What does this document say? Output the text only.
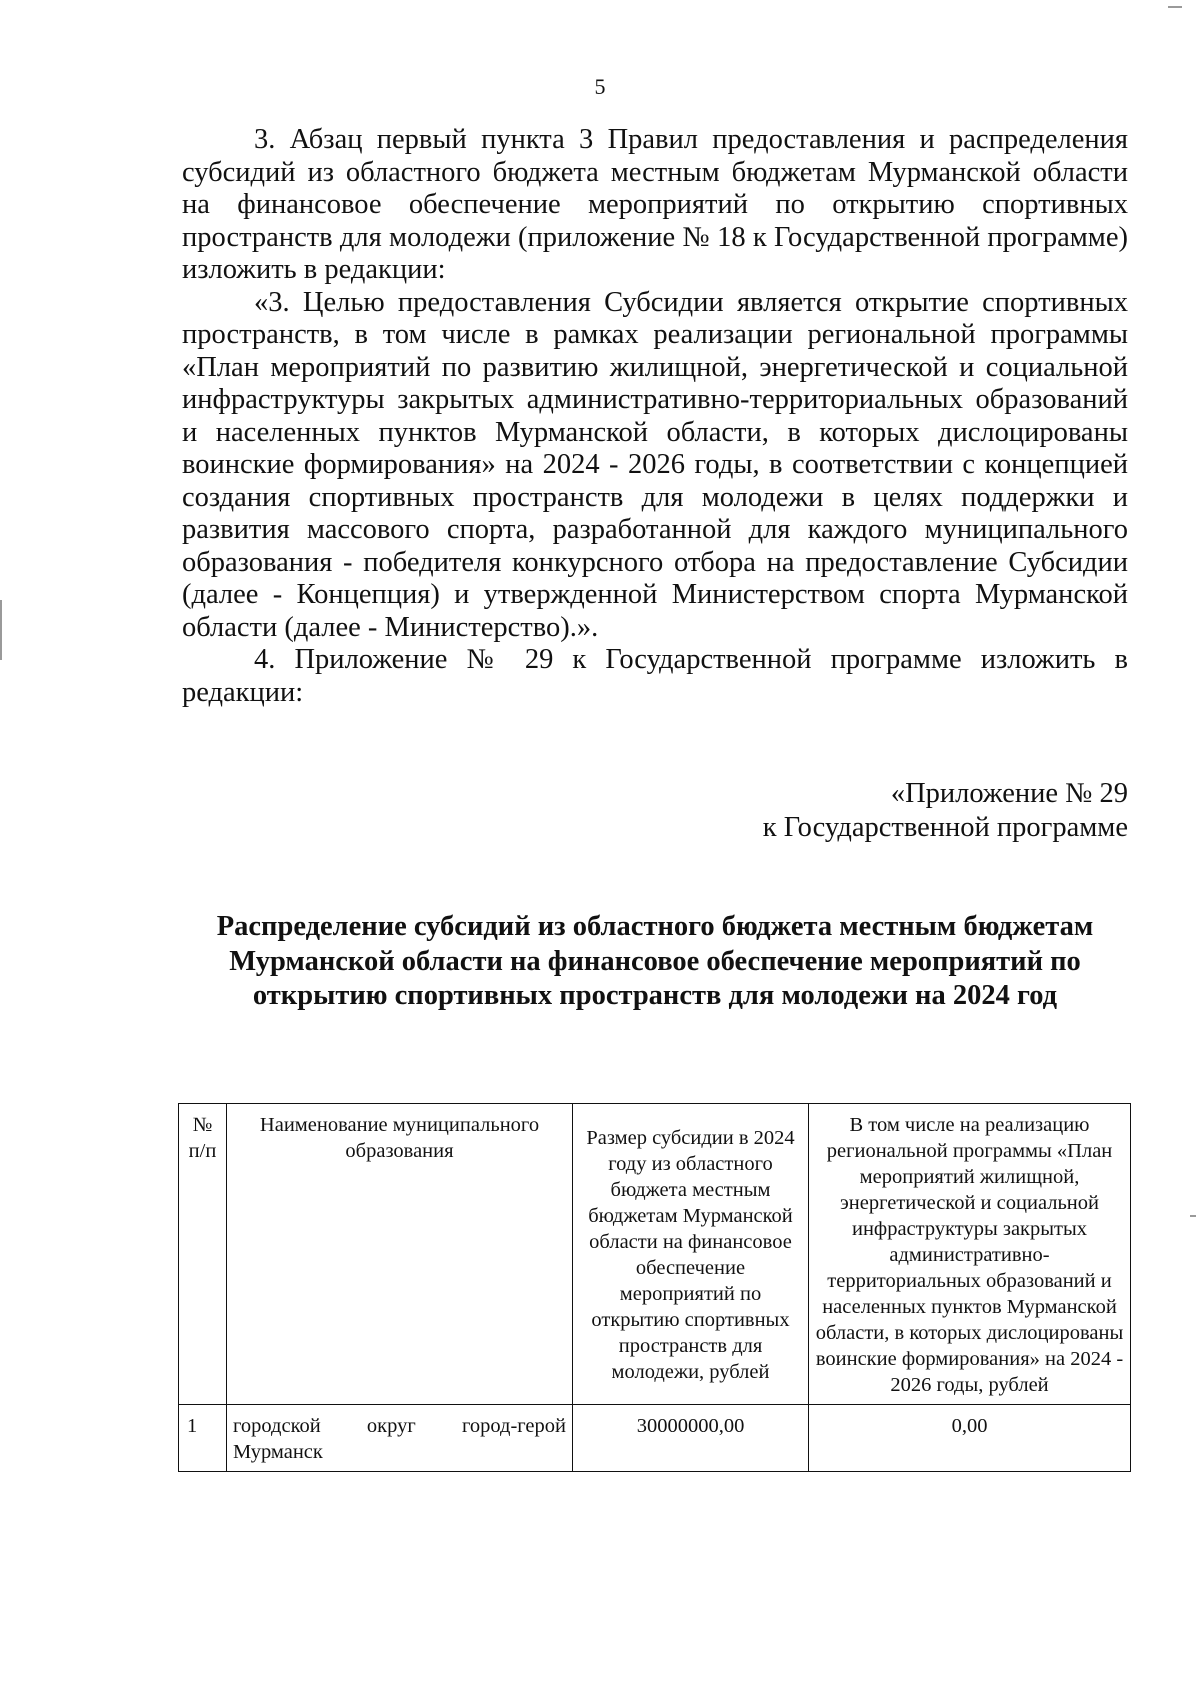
5

3. Абзац первый пункта 3 Правил предоставления и распределения субсидий из областного бюджета местным бюджетам Мурманской области на финансовое обеспечение мероприятий по открытию спортивных пространств для молодежи (приложение № 18 к Государственной программе) изложить в редакции:

«3. Целью предоставления Субсидии является открытие спортивных пространств, в том числе в рамках реализации региональной программы «План мероприятий по развитию жилищной, энергетической и социальной инфраструктуры закрытых административно-территориальных образований и населенных пунктов Мурманской области, в которых дислоцированы воинские формирования» на 2024 - 2026 годы, в соответствии с концепцией создания спортивных пространств для молодежи в целях поддержки и развития массового спорта, разработанной для каждого муниципального образования - победителя конкурсного отбора на предоставление Субсидии (далее - Концепция) и утвержденной Министерством спорта Мурманской области (далее - Министерство).».

4. Приложение № 29 к Государственной программе изложить в редакции:

«Приложение № 29
к Государственной программе
Распределение субсидий из областного бюджета местным бюджетам Мурманской области на финансовое обеспечение мероприятий по открытию спортивных пространств для молодежи на 2024 год
№ п/п	Наименование муниципального образования	Размер субсидии в 2024 году из областного бюджета местным бюджетам Мурманской области на финансовое обеспечение мероприятий по открытию спортивных пространств для молодежи, рублей	В том числе на реализацию региональной программы «План мероприятий жилищной, энергетической и социальной инфраструктуры закрытых административно-территориальных образований и населенных пунктов Мурманской области, в которых дислоцированы воинские формирования» на 2024 - 2026 годы, рублей
1	городской округ город-герой Мурманск	30000000,00	0,00
